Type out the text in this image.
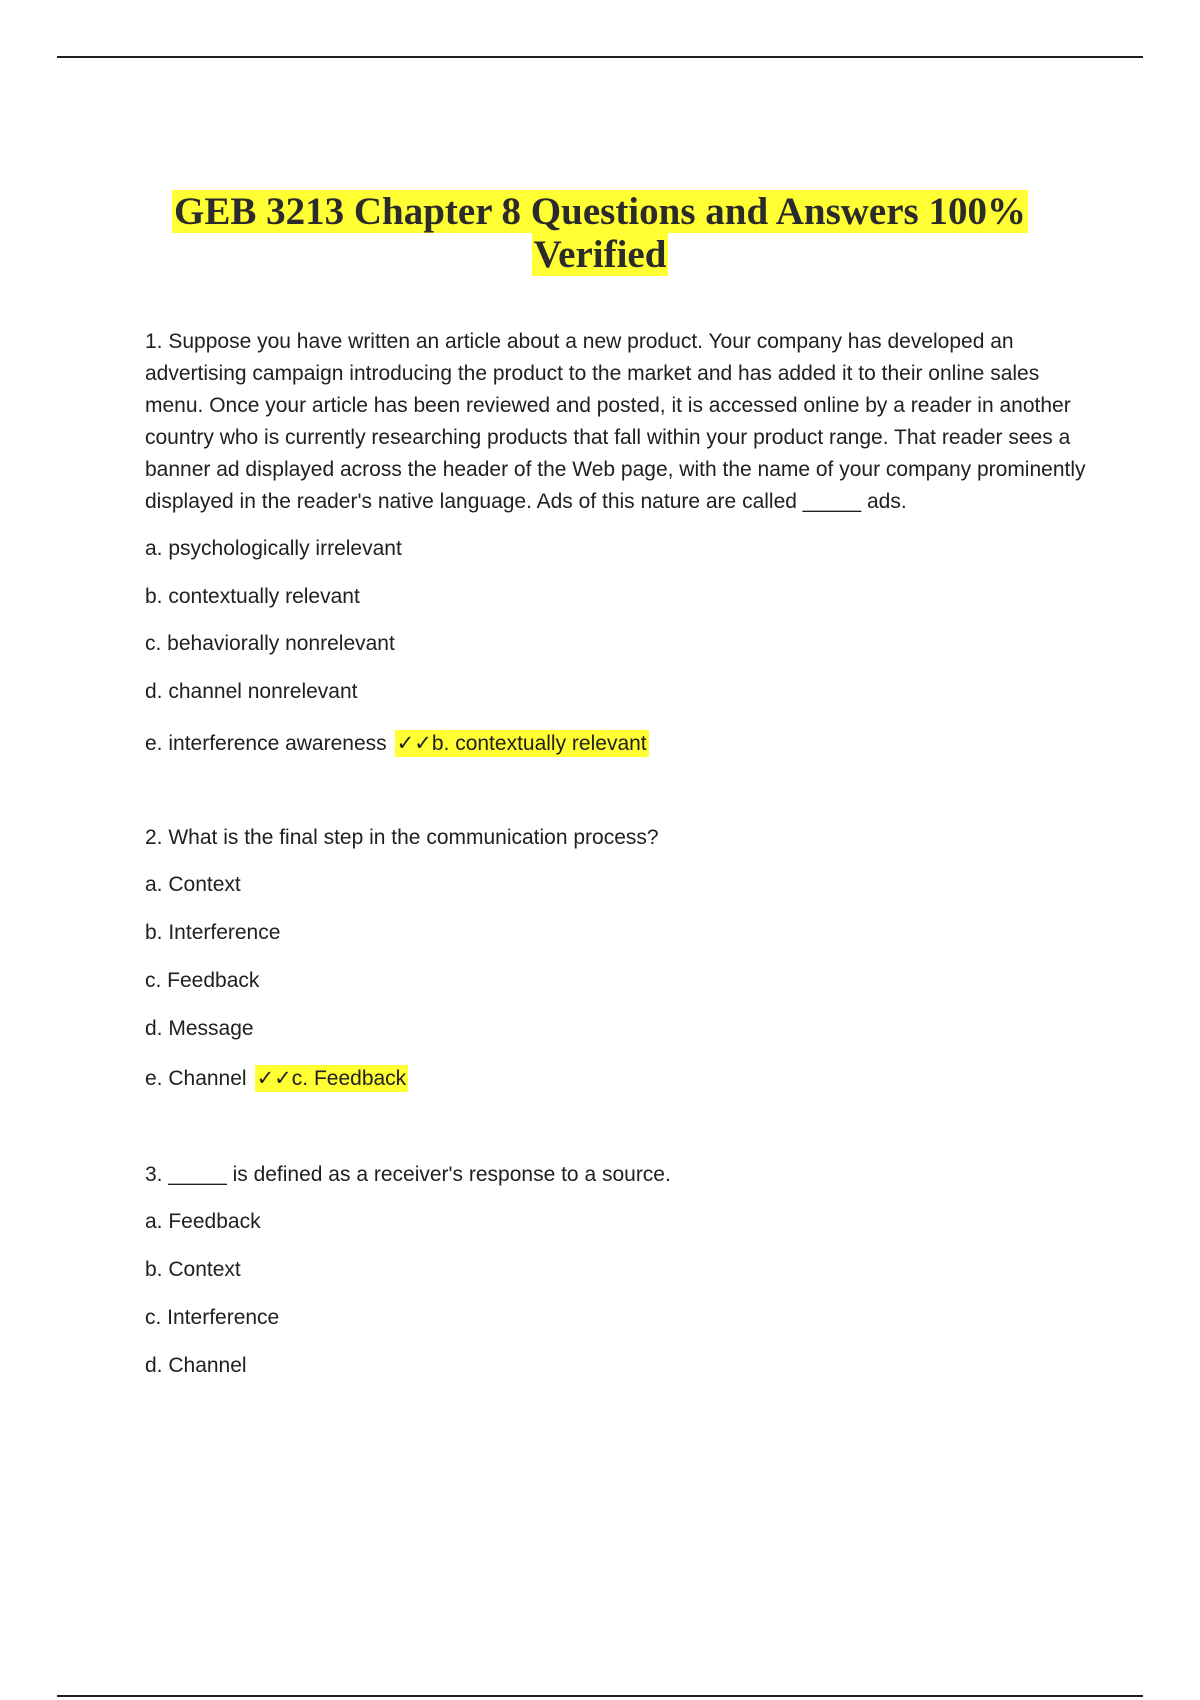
GEB 3213 Chapter 8 Questions and Answers 100%
Verified

1. Suppose you have written an article about a new product. Your company has developed an advertising campaign introducing the product to the market and has added it to their online sales menu. Once your article has been reviewed and posted, it is accessed online by a reader in another country who is currently researching products that fall within your product range. That reader sees a banner ad displayed across the header of the Web page, with the name of your company prominently displayed in the reader's native language. Ads of this nature are called _____ ads.

a. psychologically irrelevant

b. contextually relevant

c. behaviorally nonrelevant

d. channel nonrelevant

e. interference awareness ✓✓b. contextually relevant

2. What is the final step in the communication process?

a. Context

b. Interference

c. Feedback

d. Message

e. Channel ✓✓c. Feedback

3. _____ is defined as a receiver's response to a source.

a. Feedback

b. Context

c. Interference

d. Channel
